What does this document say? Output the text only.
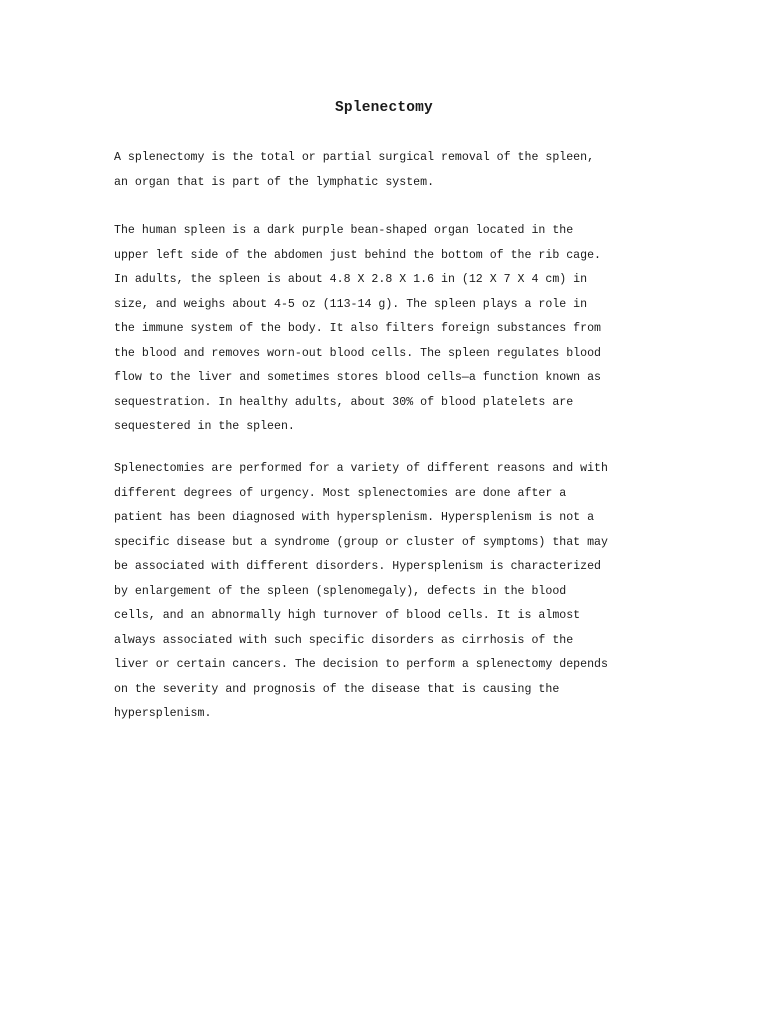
Splenectomy

A splenectomy is the total or partial surgical removal of the spleen,
an organ that is part of the lymphatic system.

The human spleen is a dark purple bean-shaped organ located in the
upper left side of the abdomen just behind the bottom of the rib cage.
In adults, the spleen is about 4.8 X 2.8 X 1.6 in (12 X 7 X 4 cm) in
size, and weighs about 4-5 oz (113-14 g). The spleen plays a role in
the immune system of the body. It also filters foreign substances from
the blood and removes worn-out blood cells. The spleen regulates blood
flow to the liver and sometimes stores blood cells—a function known as
sequestration. In healthy adults, about 30% of blood platelets are
sequestered in the spleen.

Splenectomies are performed for a variety of different reasons and with
different degrees of urgency. Most splenectomies are done after a
patient has been diagnosed with hypersplenism. Hypersplenism is not a
specific disease but a syndrome (group or cluster of symptoms) that may
be associated with different disorders. Hypersplenism is characterized
by enlargement of the spleen (splenomegaly), defects in the blood
cells, and an abnormally high turnover of blood cells. It is almost
always associated with such specific disorders as cirrhosis of the
liver or certain cancers. The decision to perform a splenectomy depends
on the severity and prognosis of the disease that is causing the
hypersplenism.
